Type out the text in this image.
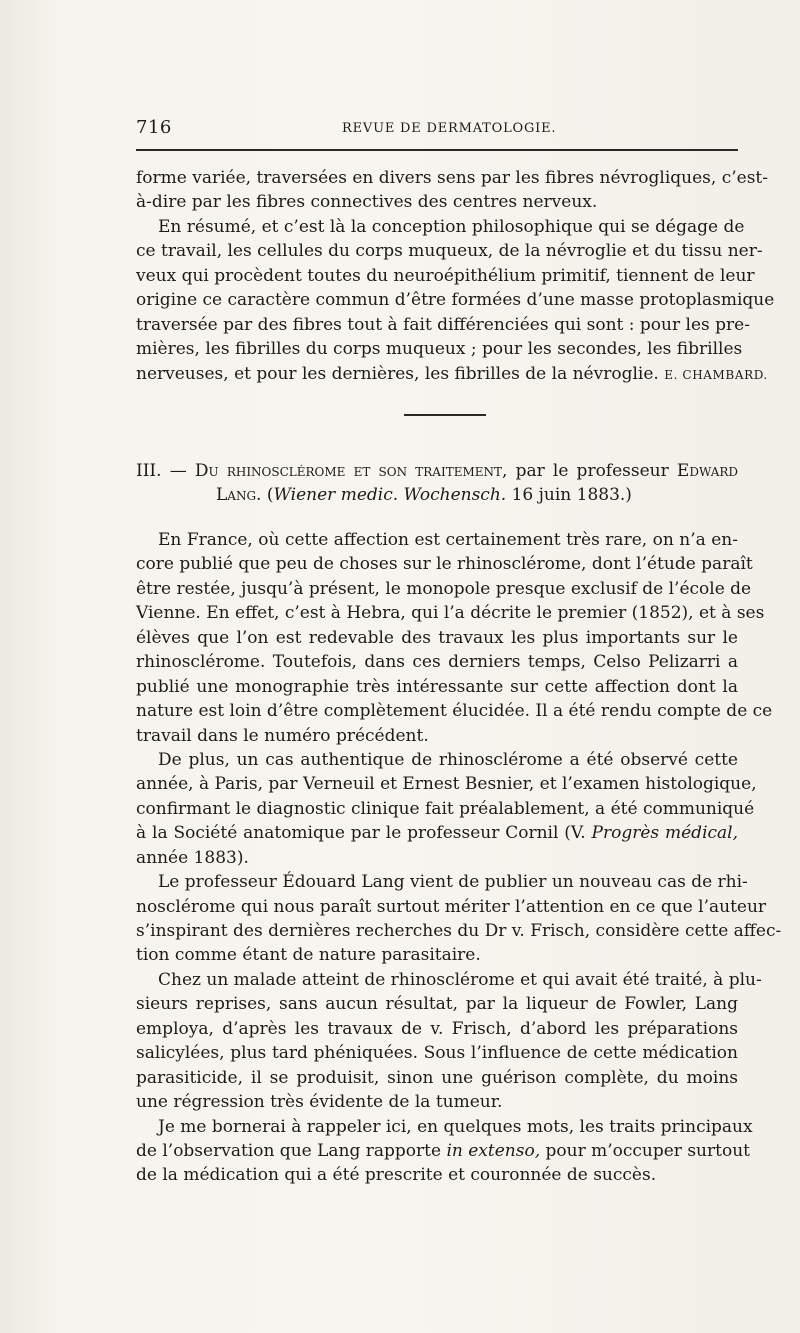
716	REVUE DE DERMATOLOGIE.
forme variée, traversées en divers sens par les fibres névrogliques, c’est-
à-dire par les fibres connectives des centres nerveux.
En résumé, et c’est là la conception philosophique qui se dégage de
ce travail, les cellules du corps muqueux, de la névroglie et du tissu ner-
veux qui procèdent toutes du neuroépithélium primitif, tiennent de leur
origine ce caractère commun d’être formées d’une masse protoplasmique
traversée par des fibres tout à fait différenciées qui sont : pour les pre-
mières, les fibrilles du corps muqueux ; pour les secondes, les fibrilles
nerveuses, et pour les dernières, les fibrilles de la névroglie. E. CHAMBARD.
III. — Du rhinosclérome et son traitement, par le professeur Edward
Lang. (Wiener medic. Wochensch. 16 juin 1883.)
En France, où cette affection est certainement très rare, on n’a en-
core publié que peu de choses sur le rhinosclérome, dont l’étude paraît
être restée, jusqu’à présent, le monopole presque exclusif de l’école de
Vienne. En effet, c’est à Hebra, qui l’a décrite le premier (1852), et à ses
élèves que l’on est redevable des travaux les plus importants sur le
rhinosclérome. Toutefois, dans ces derniers temps, Celso Pelizarri a
publié une monographie très intéressante sur cette affection dont la
nature est loin d’être complètement élucidée. Il a été rendu compte de ce
travail dans le numéro précédent.
De plus, un cas authentique de rhinosclérome a été observé cette
année, à Paris, par Verneuil et Ernest Besnier, et l’examen histologique,
confirmant le diagnostic clinique fait préalablement, a été communiqué
à la Société anatomique par le professeur Cornil (V. Progrès médical,
année 1883).
Le professeur Édouard Lang vient de publier un nouveau cas de rhi-
nosclérome qui nous paraît surtout mériter l’attention en ce que l’auteur
s’inspirant des dernières recherches du Dr v. Frisch, considère cette affec-
tion comme étant de nature parasitaire.
Chez un malade atteint de rhinosclérome et qui avait été traité, à plu-
sieurs reprises, sans aucun résultat, par la liqueur de Fowler, Lang
employa, d’après les travaux de v. Frisch, d’abord les préparations
salicylées, plus tard phéniquées. Sous l’influence de cette médication
parasiticide, il se produisit, sinon une guérison complète, du moins
une régression très évidente de la tumeur.
Je me bornerai à rappeler ici, en quelques mots, les traits principaux
de l’observation que Lang rapporte in extenso, pour m’occuper surtout
de la médication qui a été prescrite et couronnée de succès.
